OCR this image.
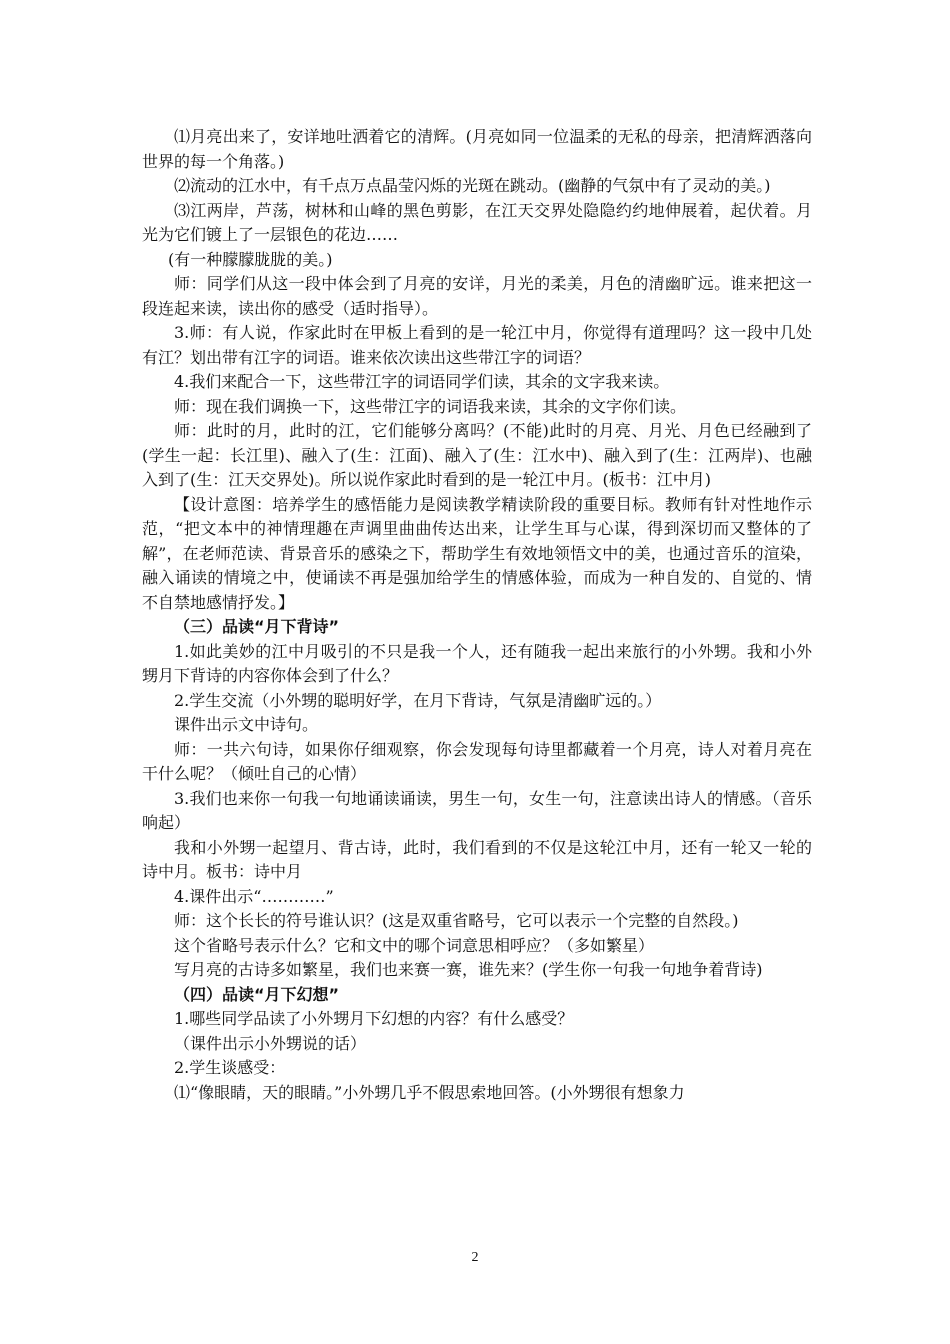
⑴月亮出来了，安详地吐洒着它的清辉。(月亮如同一位温柔的无私的母亲，把清辉洒落向世界的每一个角落。)

⑵流动的江水中，有千点万点晶莹闪烁的光斑在跳动。(幽静的气氛中有了灵动的美。)

⑶江两岸，芦荡，树林和山峰的黑色剪影，在江天交界处隐隐约约地伸展着，起伏着。月光为它们镀上了一层银色的花边……

(有一种朦朦胧胧的美。)

师：同学们从这一段中体会到了月亮的安详，月光的柔美，月色的清幽旷远。谁来把这一段连起来读，读出你的感受（适时指导）。

3.师：有人说，作家此时在甲板上看到的是一轮江中月，你觉得有道理吗？这一段中几处有江？划出带有江字的词语。谁来依次读出这些带江字的词语？

4.我们来配合一下，这些带江字的词语同学们读，其余的文字我来读。

师：现在我们调换一下，这些带江字的词语我来读，其余的文字你们读。

师：此时的月，此时的江，它们能够分离吗？(不能)此时的月亮、月光、月色已经融到了(学生一起：长江里)、融入了(生：江面)、融入了(生：江水中)、融入到了(生：江两岸)、也融入到了(生：江天交界处)。所以说作家此时看到的是一轮江中月。(板书：江中月)

【设计意图：培养学生的感悟能力是阅读教学精读阶段的重要目标。教师有针对性地作示范，“把文本中的神情理趣在声调里曲曲传达出来，让学生耳与心谋，得到深切而又整体的了解”，在老师范读、背景音乐的感染之下，帮助学生有效地领悟文中的美，也通过音乐的渲染，融入诵读的情境之中，使诵读不再是强加给学生的情感体验，而成为一种自发的、自觉的、情不自禁地感情抒发。】

（三）品读“月下背诗”

1.如此美妙的江中月吸引的不只是我一个人，还有随我一起出来旅行的小外甥。我和小外甥月下背诗的内容你体会到了什么？

2.学生交流（小外甥的聪明好学，在月下背诗，气氛是清幽旷远的。）

课件出示文中诗句。

师：一共六句诗，如果你仔细观察，你会发现每句诗里都藏着一个月亮，诗人对着月亮在干什么呢？（倾吐自己的心情）

3.我们也来你一句我一句地诵读诵读，男生一句，女生一句，注意读出诗人的情感。（音乐响起）

我和小外甥一起望月、背古诗，此时，我们看到的不仅是这轮江中月，还有一轮又一轮的诗中月。板书：诗中月

4.课件出示“…………”

师：这个长长的符号谁认识？(这是双重省略号，它可以表示一个完整的自然段。)

这个省略号表示什么？它和文中的哪个词意思相呼应？（多如繁星）

写月亮的古诗多如繁星，我们也来赛一赛，谁先来？(学生你一句我一句地争着背诗)

（四）品读“月下幻想”

1.哪些同学品读了小外甥月下幻想的内容？有什么感受？

（课件出示小外甥说的话）

2.学生谈感受：

⑴“像眼睛，天的眼睛。”小外甥几乎不假思索地回答。(小外甥很有想象力

2
